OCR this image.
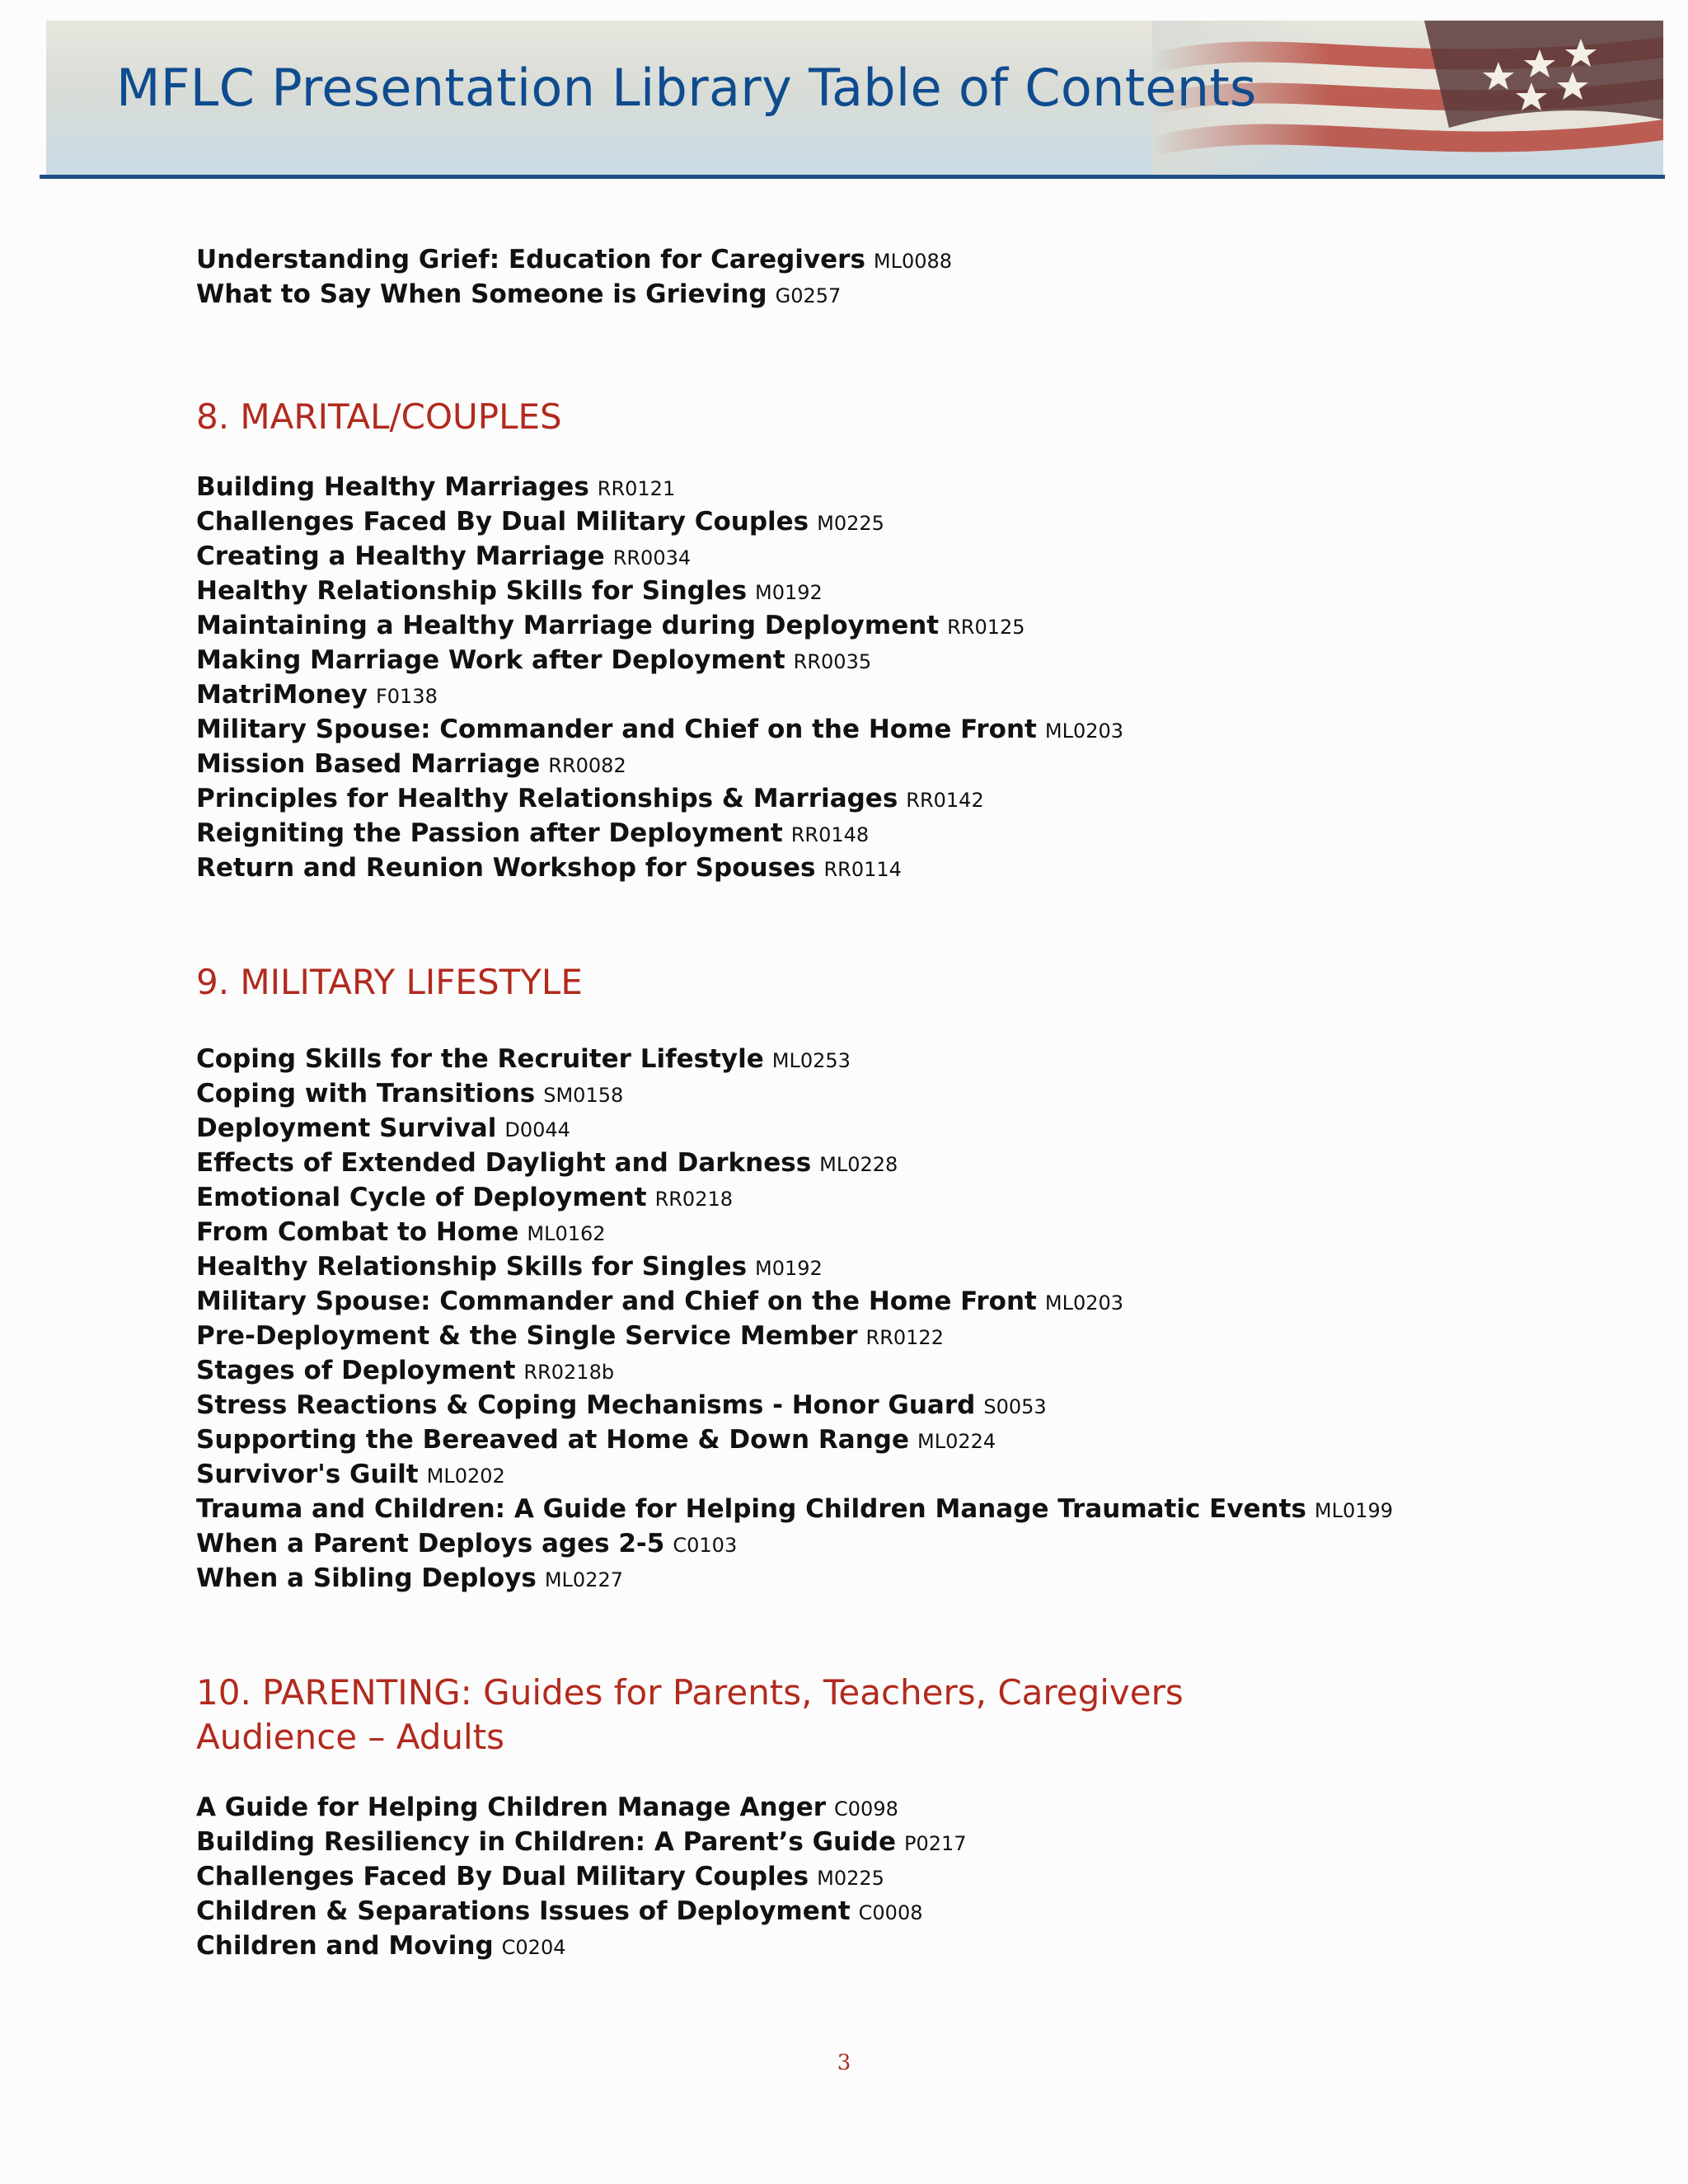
MFLC Presentation Library Table of Contents
Understanding Grief: Education for Caregivers ML0088
What to Say When Someone is Grieving G0257
8. MARITAL/COUPLES
Building Healthy Marriages RR0121
Challenges Faced By Dual Military Couples M0225
Creating a Healthy Marriage RR0034
Healthy Relationship Skills for Singles M0192
Maintaining a Healthy Marriage during Deployment RR0125
Making Marriage Work after Deployment RR0035
MatriMoney F0138
Military Spouse: Commander and Chief on the Home Front ML0203
Mission Based Marriage RR0082
Principles for Healthy Relationships & Marriages RR0142
Reigniting the Passion after Deployment RR0148
Return and Reunion Workshop for Spouses RR0114
9. MILITARY LIFESTYLE
Coping Skills for the Recruiter Lifestyle ML0253
Coping with Transitions SM0158
Deployment Survival D0044
Effects of Extended Daylight and Darkness ML0228
Emotional Cycle of Deployment RR0218
From Combat to Home ML0162
Healthy Relationship Skills for Singles M0192
Military Spouse: Commander and Chief on the Home Front ML0203
Pre-Deployment & the Single Service Member RR0122
Stages of Deployment RR0218b
Stress Reactions & Coping Mechanisms - Honor Guard S0053
Supporting the Bereaved at Home & Down Range ML0224
Survivor's Guilt ML0202
Trauma and Children: A Guide for Helping Children Manage Traumatic Events ML0199
When a Parent Deploys ages 2-5 C0103
When a Sibling Deploys ML0227
10. PARENTING: Guides for Parents, Teachers, Caregivers
Audience – Adults
A Guide for Helping Children Manage Anger C0098
Building Resiliency in Children: A Parent’s Guide P0217
Challenges Faced By Dual Military Couples M0225
Children & Separations Issues of Deployment C0008
Children and Moving C0204
3
